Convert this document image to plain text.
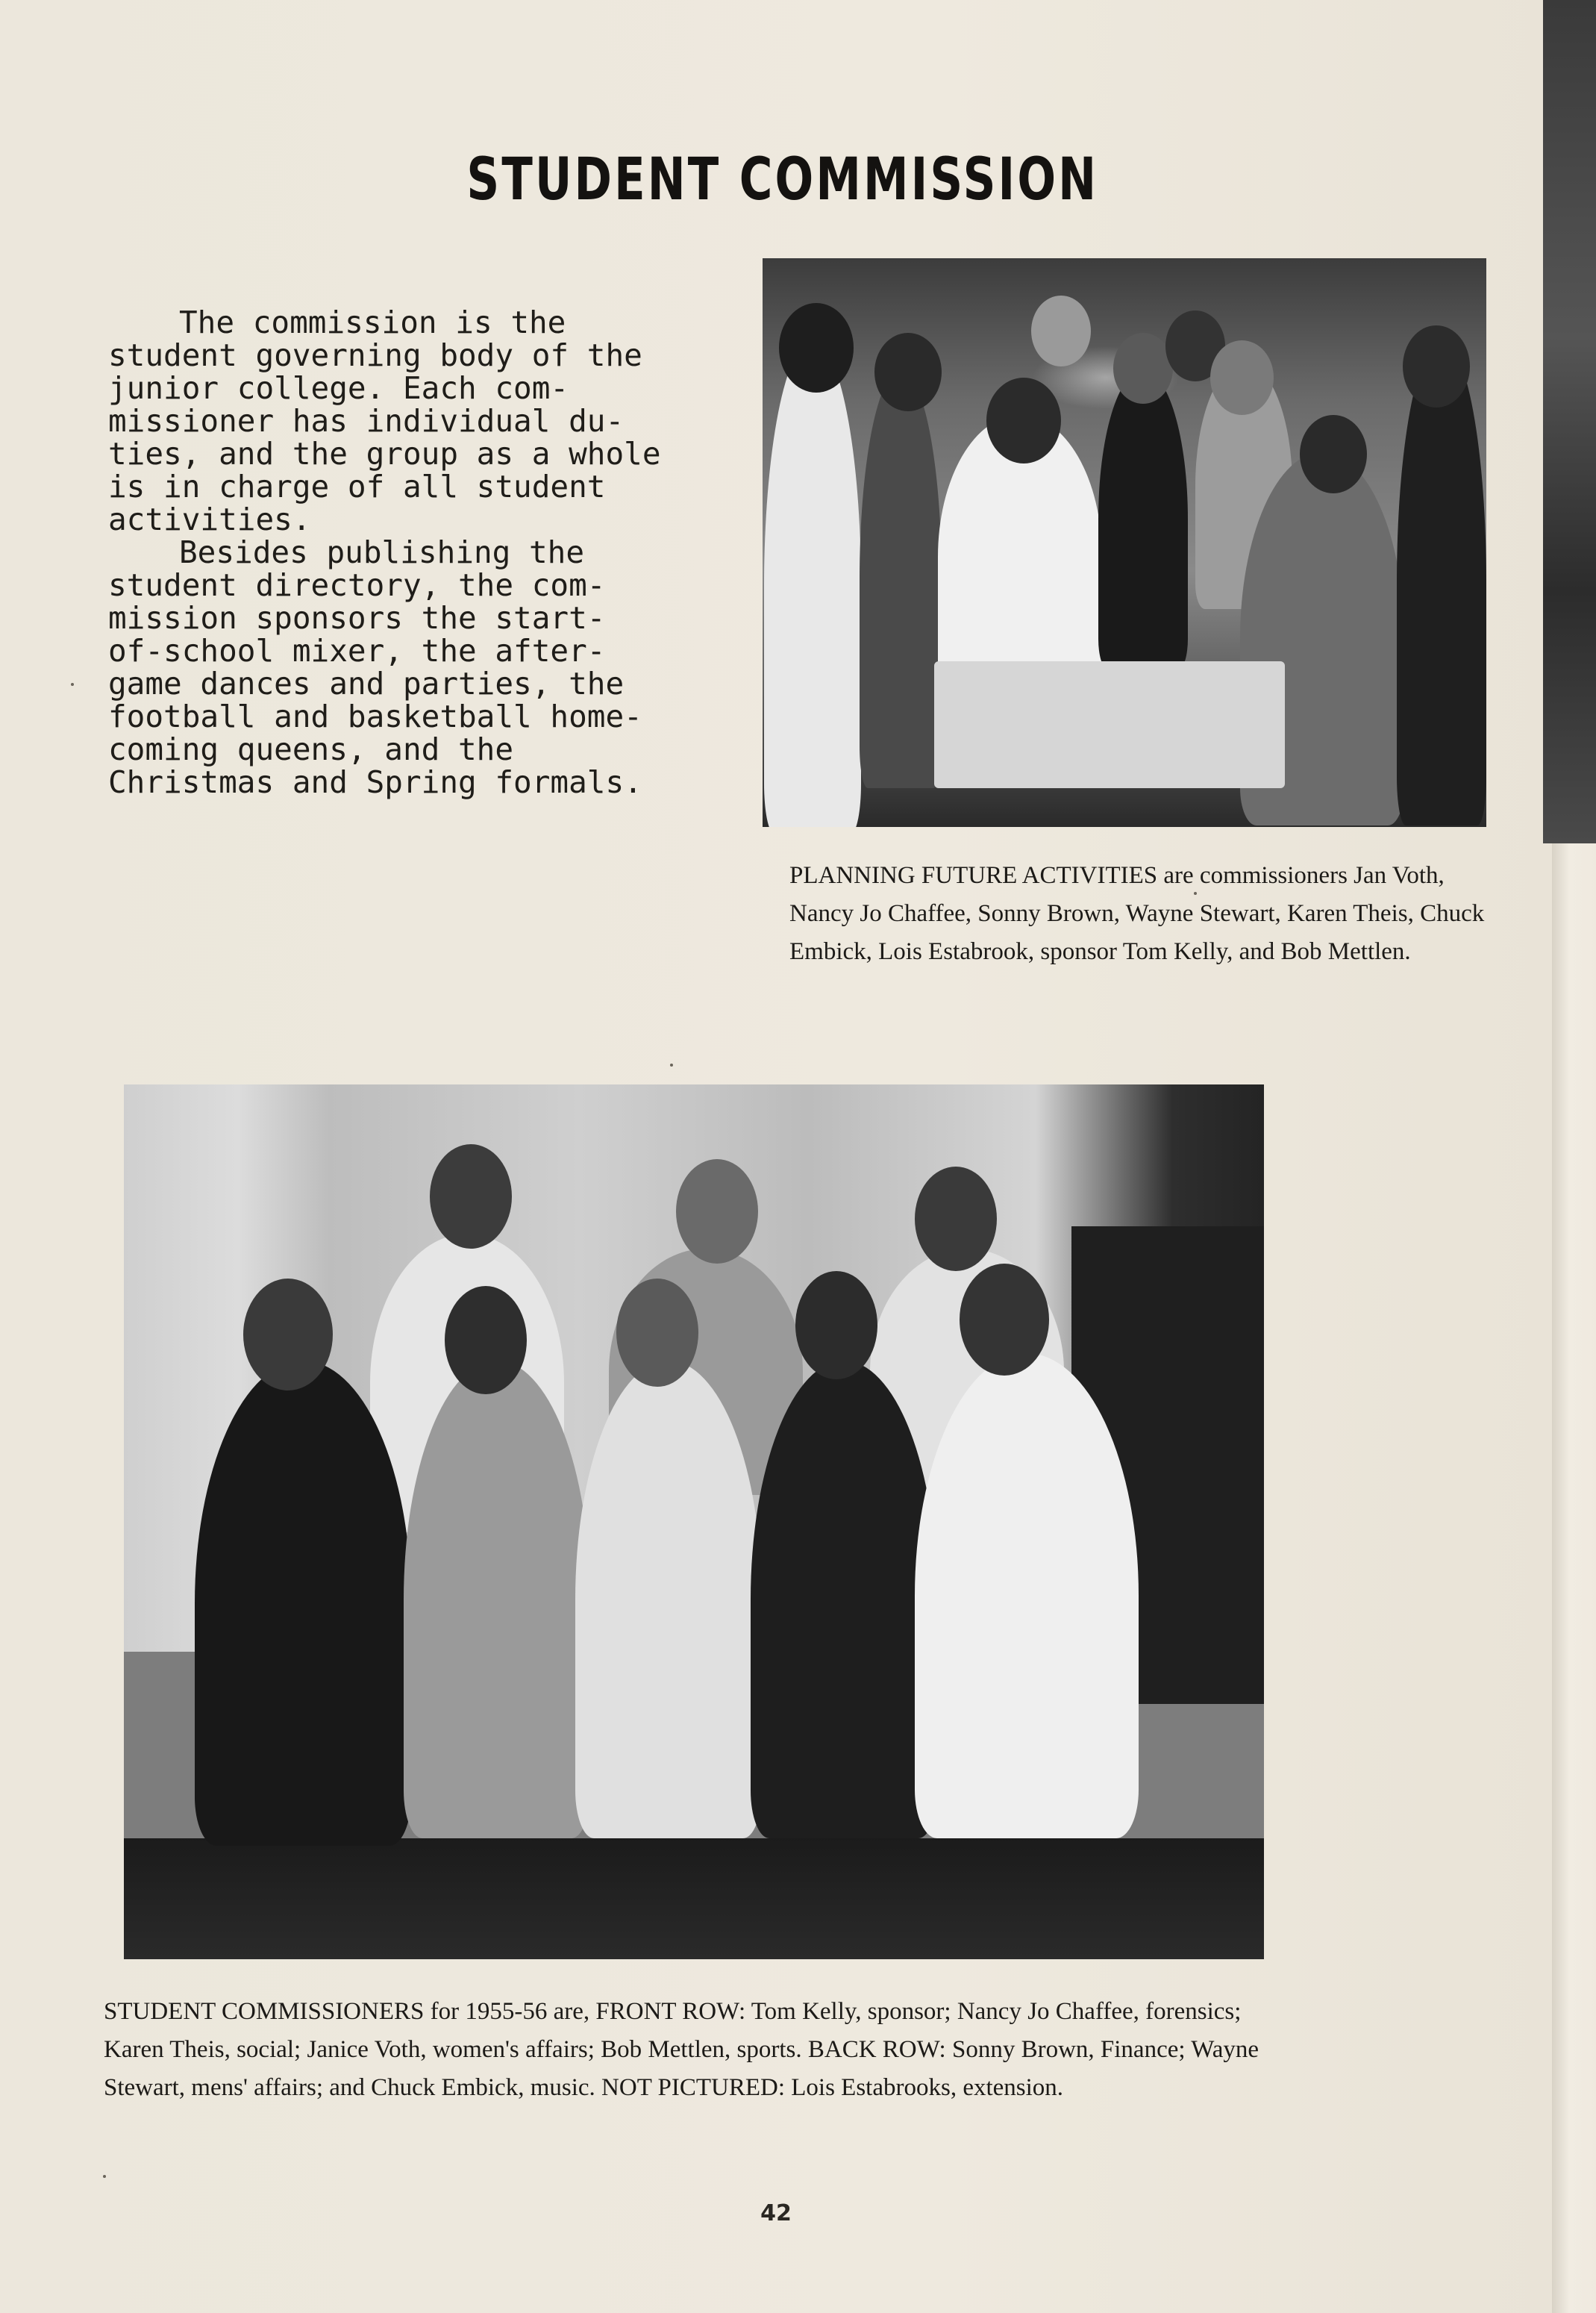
STUDENT COMMISSION

The commission is the
student governing body of the
junior college. Each com-
missioner has individual du-
ties, and the group as a whole
is in charge of all student
activities.

Besides publishing the
student directory, the com-
mission sponsors the start-
of-school mixer, the after-
game dances and parties, the
football and basketball home-
coming queens, and the
Christmas and Spring formals.

PLANNING FUTURE ACTIVITIES are commissioners Jan Voth, Nancy Jo Chaffee, Sonny Brown, Wayne Stewart, Karen Theis, Chuck Embick, Lois Estabrook, sponsor Tom Kelly, and Bob Mettlen.
STUDENT COMMISSIONERS for 1955-56 are, FRONT ROW: Tom Kelly, sponsor; Nancy Jo Chaffee, forensics; Karen Theis, social; Janice Voth, women's affairs; Bob Mettlen, sports. BACK ROW: Sonny Brown, Finance; Wayne Stewart, mens' affairs; and Chuck Embick, music. NOT PICTURED: Lois Estabrooks, extension.
42
